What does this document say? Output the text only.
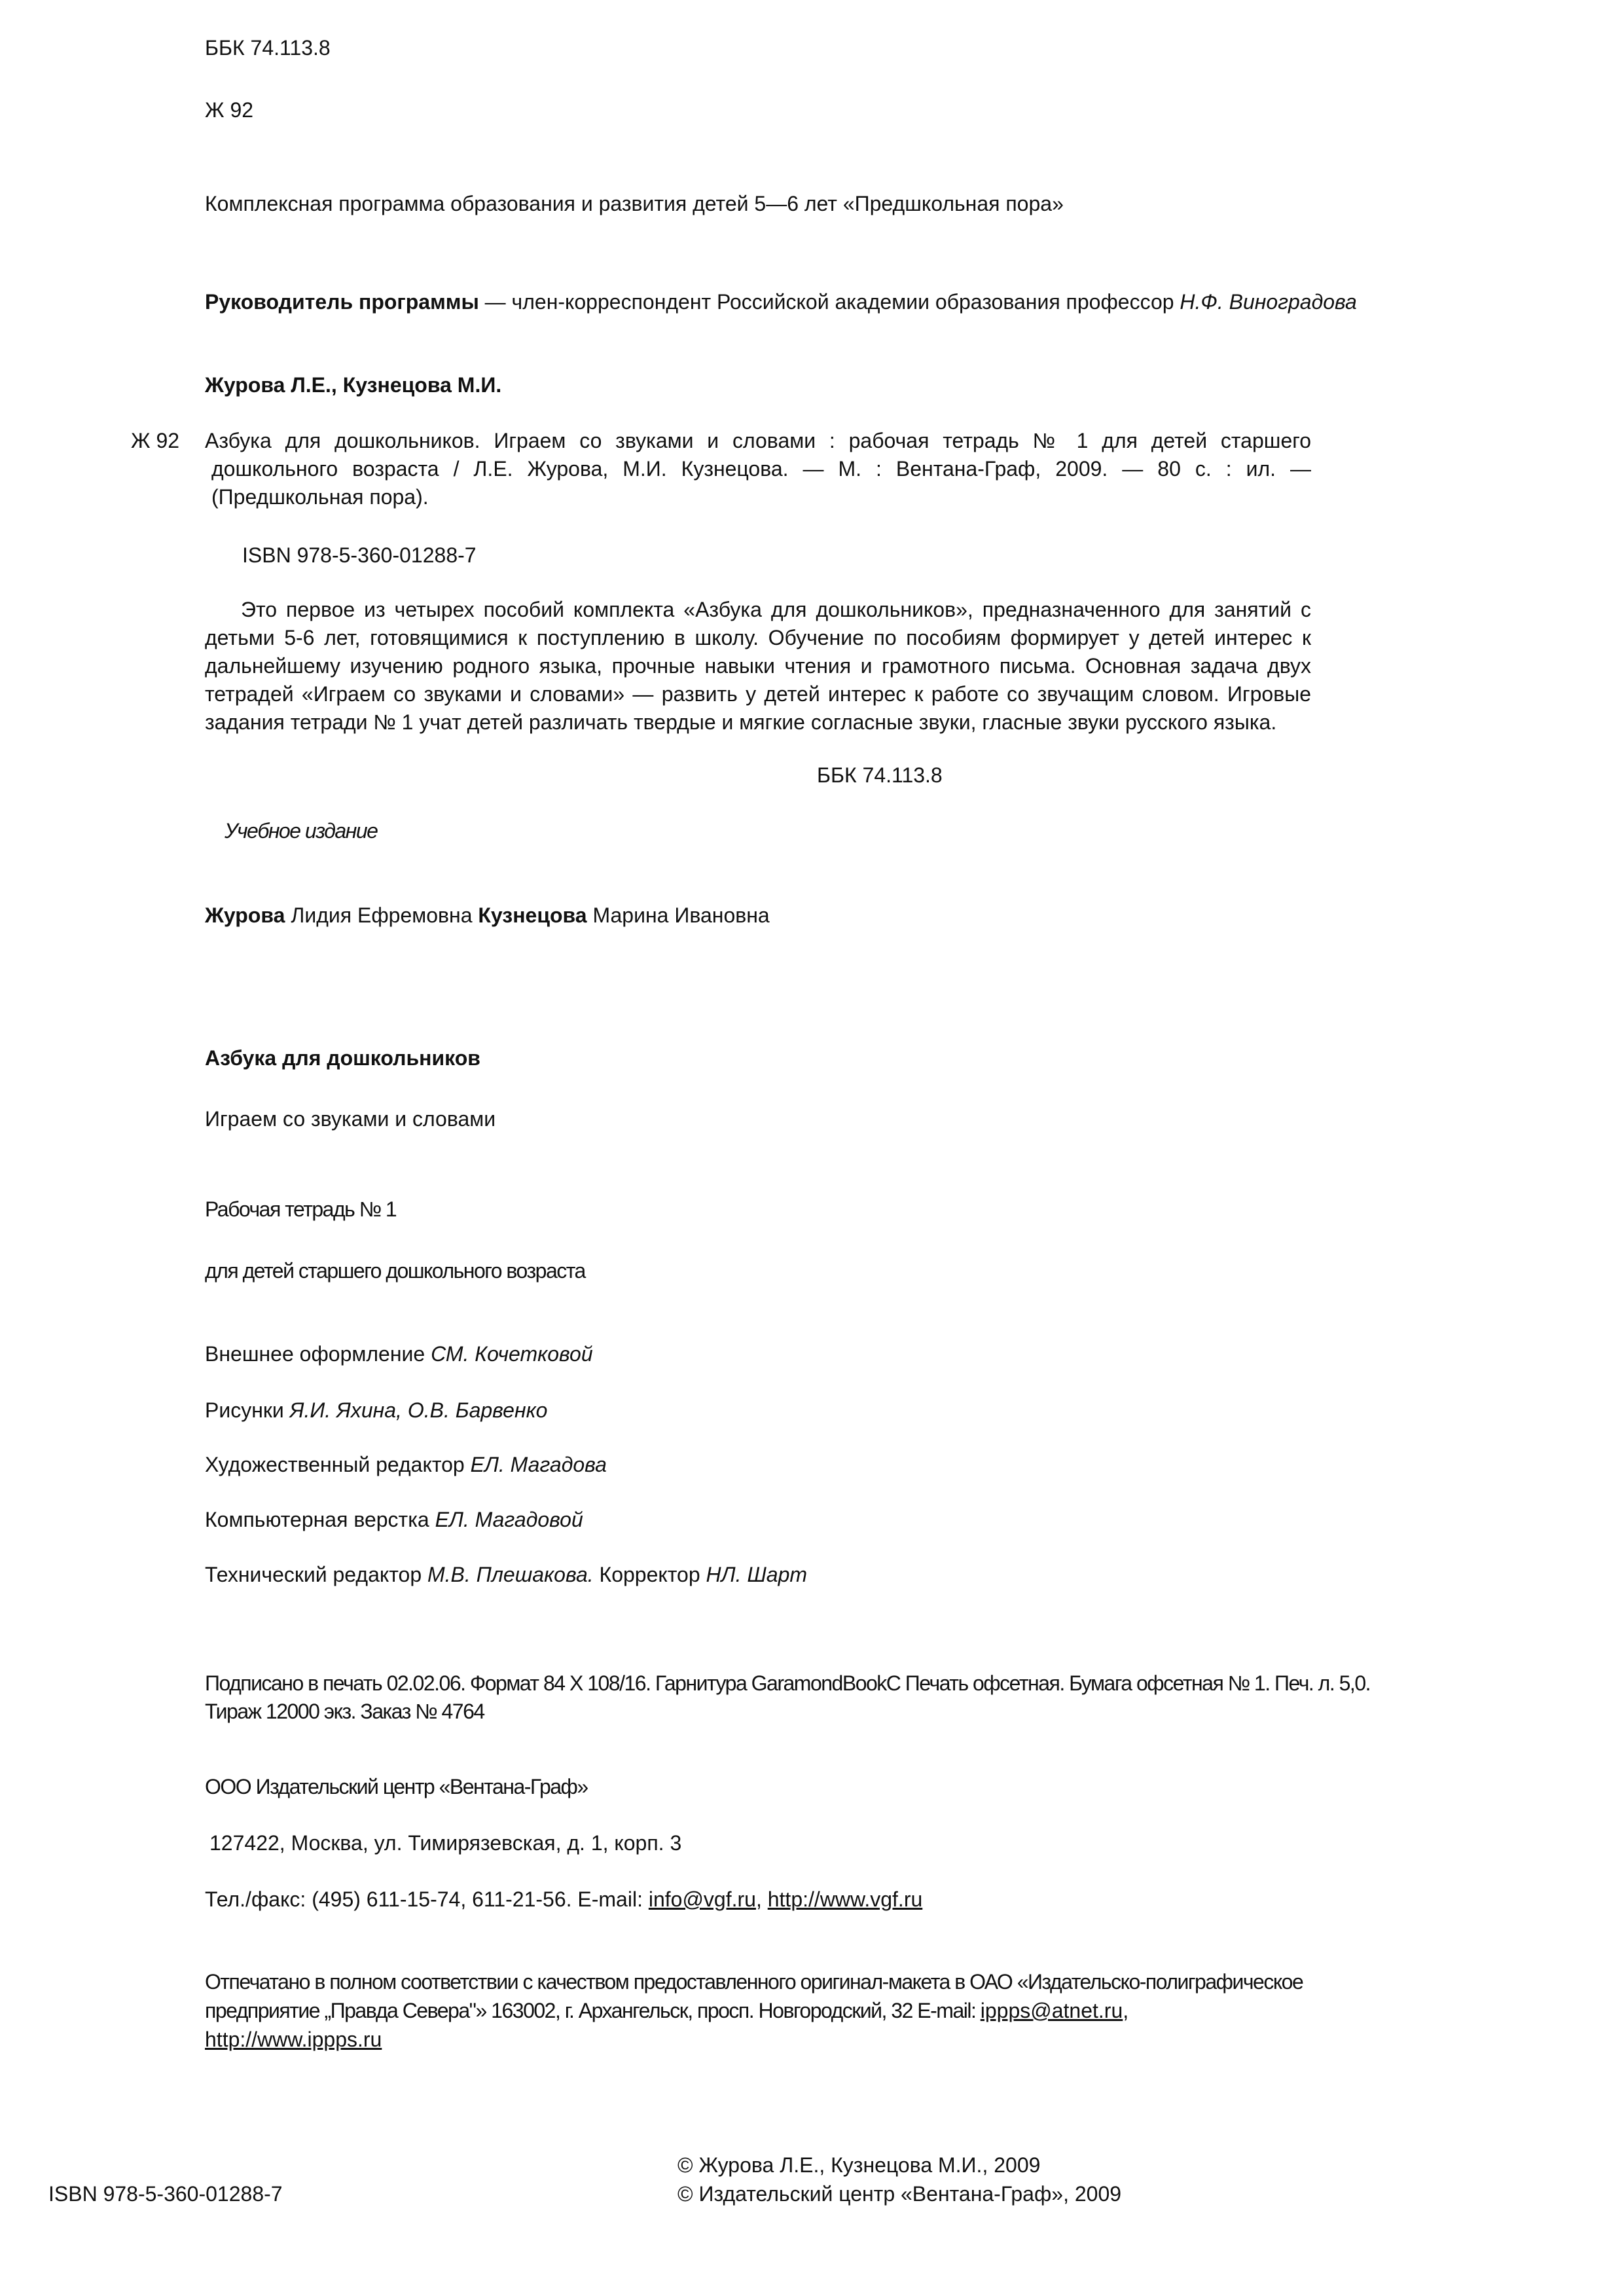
ББК 74.113.8

Ж 92

Комплексная программа образования и развития детей 5—6 лет «Предшкольная пора»

Руководитель программы — член-корреспондент Российской академии образования профессор Н.Ф. Виноградова

Журова Л.Е., Кузнецова М.И.

Ж 92 Азбука для дошкольников. Играем со звуками и словами : рабочая тетрадь № 1 для детей старшего дошкольного возраста / Л.Е. Журова, М.И. Кузнецова. — М. : Вентана-Граф, 2009. — 80 с. : ил. — (Предшкольная пора).

ISBN 978-5-360-01288-7

Это первое из четырех пособий комплекта «Азбука для дошкольников», предназначенного для занятий с детьми 5-6 лет, готовящимися к поступлению в школу. Обучение по пособиям формирует у детей интерес к дальнейшему изучению родного языка, прочные навыки чтения и грамотного письма. Основная задача двух тетрадей «Играем со звуками и словами» — развить у детей интерес к работе со звучащим словом. Игровые задания тетради № 1 учат детей различать твердые и мягкие согласные звуки, гласные звуки русского языка.

ББК 74.113.8

Учебное издание

Журова Лидия Ефремовна Кузнецова Марина Ивановна

Азбука для дошкольников

Играем со звуками и словами

Рабочая тетрадь № 1

для детей старшего дошкольного возраста

Внешнее оформление СМ. Кочетковой

Рисунки Я.И. Яхина, О.В. Барвенко

Художественный редактор ЕЛ. Магадова

Компьютерная верстка ЕЛ. Магадовой

Технический редактор М.В. Плешакова. Корректор НЛ. Шарт

Подписано в печать 02.02.06. Формат 84 X 108/16. Гарнитура GaramondBookC Печать офсетная. Бумага офсетная № 1. Печ. л. 5,0.
Тираж 12000 экз. Заказ № 4764

ООО Издательский центр «Вентана-Граф»

127422, Москва, ул. Тимирязевская, д. 1, корп. 3

Тел./факс: (495) 611-15-74, 611-21-56. E-mail: info@vgf.ru, http://www.vgf.ru

Отпечатано в полном соответствии с качеством предоставленного оригинал-макета в ОАО «Издательско-полиграфическое предприятие „Правда Севера"» 163002, г. Архангельск, просп. Новгородский, 32 E-mail: ippps@atnet.ru,
http://www.ippps.ru

ISBN 978-5-360-01288-7

© Журова Л.Е., Кузнецова М.И., 2009
© Издательский центр «Вентана-Граф», 2009
